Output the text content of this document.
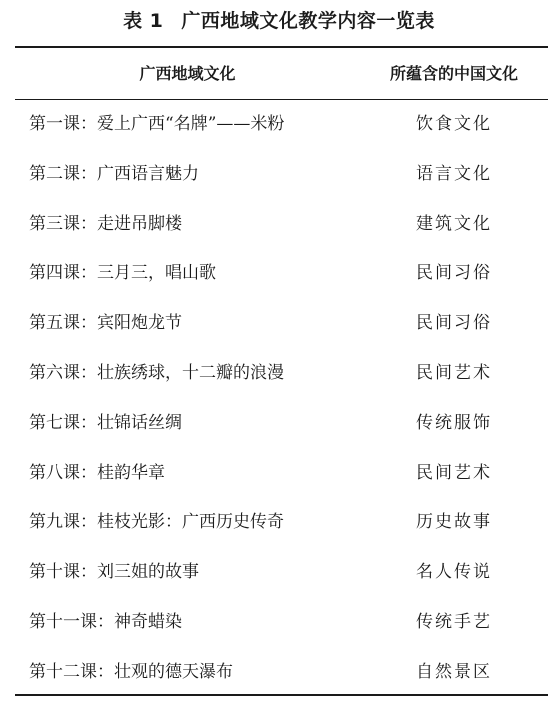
表 1 广西地域文化教学内容一览表
广西地域文化	所蕴含的中国文化
第一课：爱上广西“名牌”——米粉	饮食文化
第二课：广西语言魅力	语言文化
第三课：走进吊脚楼	建筑文化
第四课：三月三，唱山歌	民间习俗
第五课：宾阳炮龙节	民间习俗
第六课：壮族绣球，十二瓣的浪漫	民间艺术
第七课：壮锦话丝绸	传统服饰
第八课：桂韵华章	民间艺术
第九课：桂枝光影：广西历史传奇	历史故事
第十课：刘三姐的故事	名人传说
第十一课：神奇蜡染	传统手艺
第十二课：壮观的德天瀑布	自然景区
